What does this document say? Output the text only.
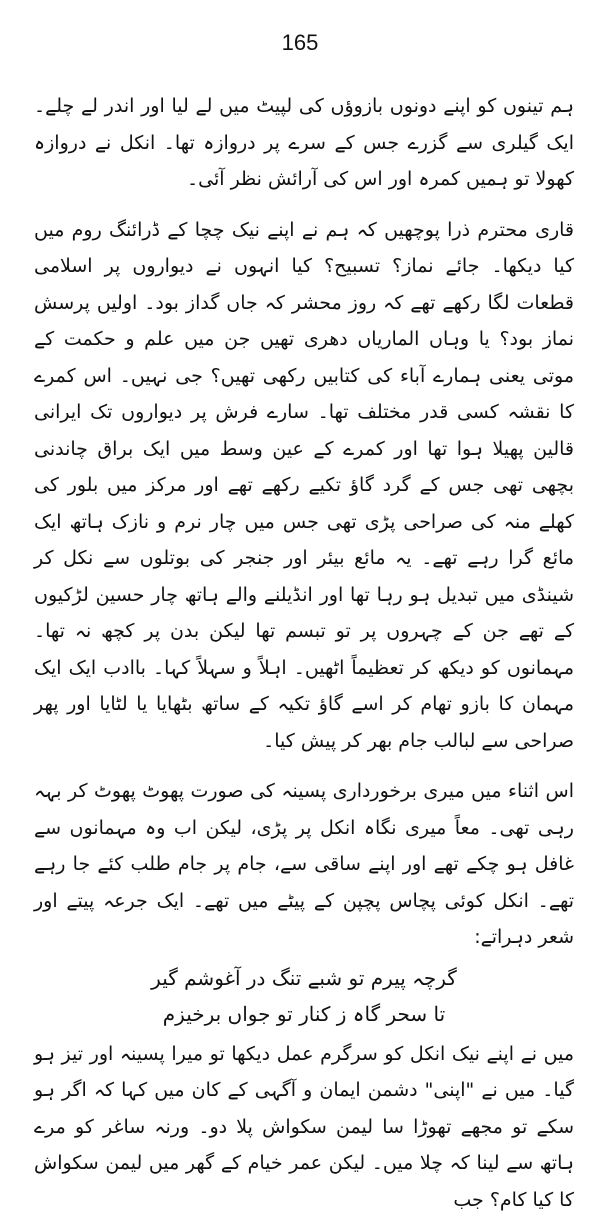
165

ہم تینوں کو اپنے دونوں بازوؤں کی لپیٹ میں لے لیا اور اندر لے چلے۔ ایک گیلری سے گزرے جس کے سرے پر دروازہ تھا۔ انکل نے دروازہ کھولا تو ہمیں کمرہ اور اس کی آرائش نظر آئی۔

قاری محترم ذرا پوچھیں کہ ہم نے اپنے نیک چچا کے ڈرائنگ روم میں کیا دیکھا۔ جائے نماز؟ تسبیح؟ کیا انہوں نے دیواروں پر اسلامی قطعات لگا رکھے تھے کہ روز محشر کہ جاں گداز بود۔ اولیں پرسش نماز بود؟ یا وہاں الماریاں دھری تھیں جن میں علم و حکمت کے موتی یعنی ہمارے آباء کی کتابیں رکھی تھیں؟ جی نہیں۔ اس کمرے کا نقشہ کسی قدر مختلف تھا۔ سارے فرش پر دیواروں تک ایرانی قالین پھیلا ہوا تھا اور کمرے کے عین وسط میں ایک براق چاندنی بچھی تھی جس کے گرد گاؤ تکیے رکھے تھے اور مرکز میں بلور کی کھلے منہ کی صراحی پڑی تھی جس میں چار نرم و نازک ہاتھ ایک مائع گرا رہے تھے۔ یہ مائع بیئر اور جنجر کی بوتلوں سے نکل کر شینڈی میں تبدیل ہو رہا تھا اور انڈیلنے والے ہاتھ چار حسین لڑکیوں کے تھے جن کے چہروں پر تو تبسم تھا لیکن بدن پر کچھ نہ تھا۔ مہمانوں کو دیکھ کر تعظیماً اٹھیں۔ اہلاً و سہلاً کہا۔ باادب ایک ایک مہمان کا بازو تھام کر اسے گاؤ تکیہ کے ساتھ بٹھایا یا لٹایا اور پھر صراحی سے لبالب جام بھر کر پیش کیا۔

اس اثناء میں میری برخورداری پسینہ کی صورت پھوٹ پھوٹ کر بہہ رہی تھی۔ معاً میری نگاہ انکل پر پڑی، لیکن اب وہ مہمانوں سے غافل ہو چکے تھے اور اپنے ساقی سے، جام پر جام طلب کئے جا رہے تھے۔ انکل کوئی پچاس پچپن کے پیٹے میں تھے۔ ایک جرعہ پیتے اور شعر دہراتے:

گرچہ پیرم تو شبے تنگ در آغوشم گیر

تا سحر گاہ ز کنار تو جواں برخیزم

میں نے اپنے نیک انکل کو سرگرم عمل دیکھا تو میرا پسینہ اور تیز ہو گیا۔ میں نے "اپنی" دشمن ایمان و آگہی کے کان میں کہا کہ اگر ہو سکے تو مجھے تھوڑا سا لیمن سکواش پلا دو۔ ورنہ ساغر کو مرے ہاتھ سے لینا کہ چلا میں۔ لیکن عمر خیام کے گھر میں لیمن سکواش کا کیا کام؟ جب
